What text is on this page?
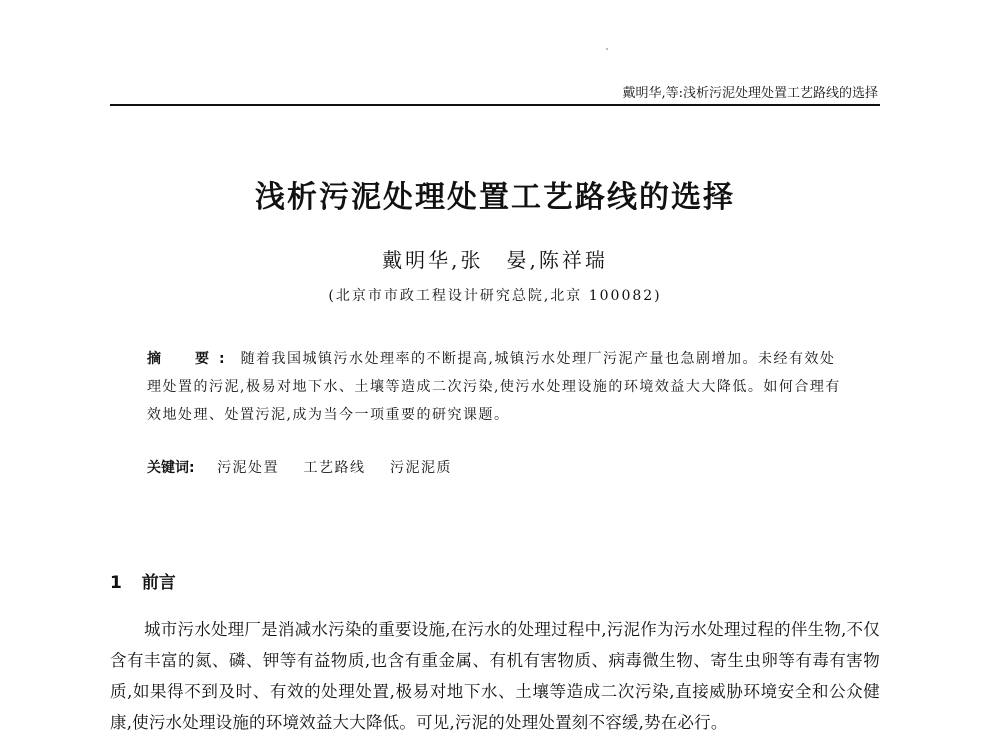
戴明华,等:浅析污泥处理处置工艺路线的选择
浅析污泥处理处置工艺路线的选择
戴明华,张　晏,陈祥瑞
(北京市市政工程设计研究总院,北京 100082)
摘　要: 随着我国城镇污水处理率的不断提高,城镇污水处理厂污泥产量也急剧增加。未经有效处理处置的污泥,极易对地下水、土壤等造成二次污染,使污水处理设施的环境效益大大降低。如何合理有效地处理、处置污泥,成为当今一项重要的研究课题。
关键词: 污泥处置 工艺路线 污泥泥质
1 前言
城市污水处理厂是消减水污染的重要设施,在污水的处理过程中,污泥作为污水处理过程的伴生物,不仅含有丰富的氮、磷、钾等有益物质,也含有重金属、有机有害物质、病毒微生物、寄生虫卵等有毒有害物质,如果得不到及时、有效的处理处置,极易对地下水、土壤等造成二次污染,直接威胁环境安全和公众健康,使污水处理设施的环境效益大大降低。可见,污泥的处理处置刻不容缓,势在必行。
